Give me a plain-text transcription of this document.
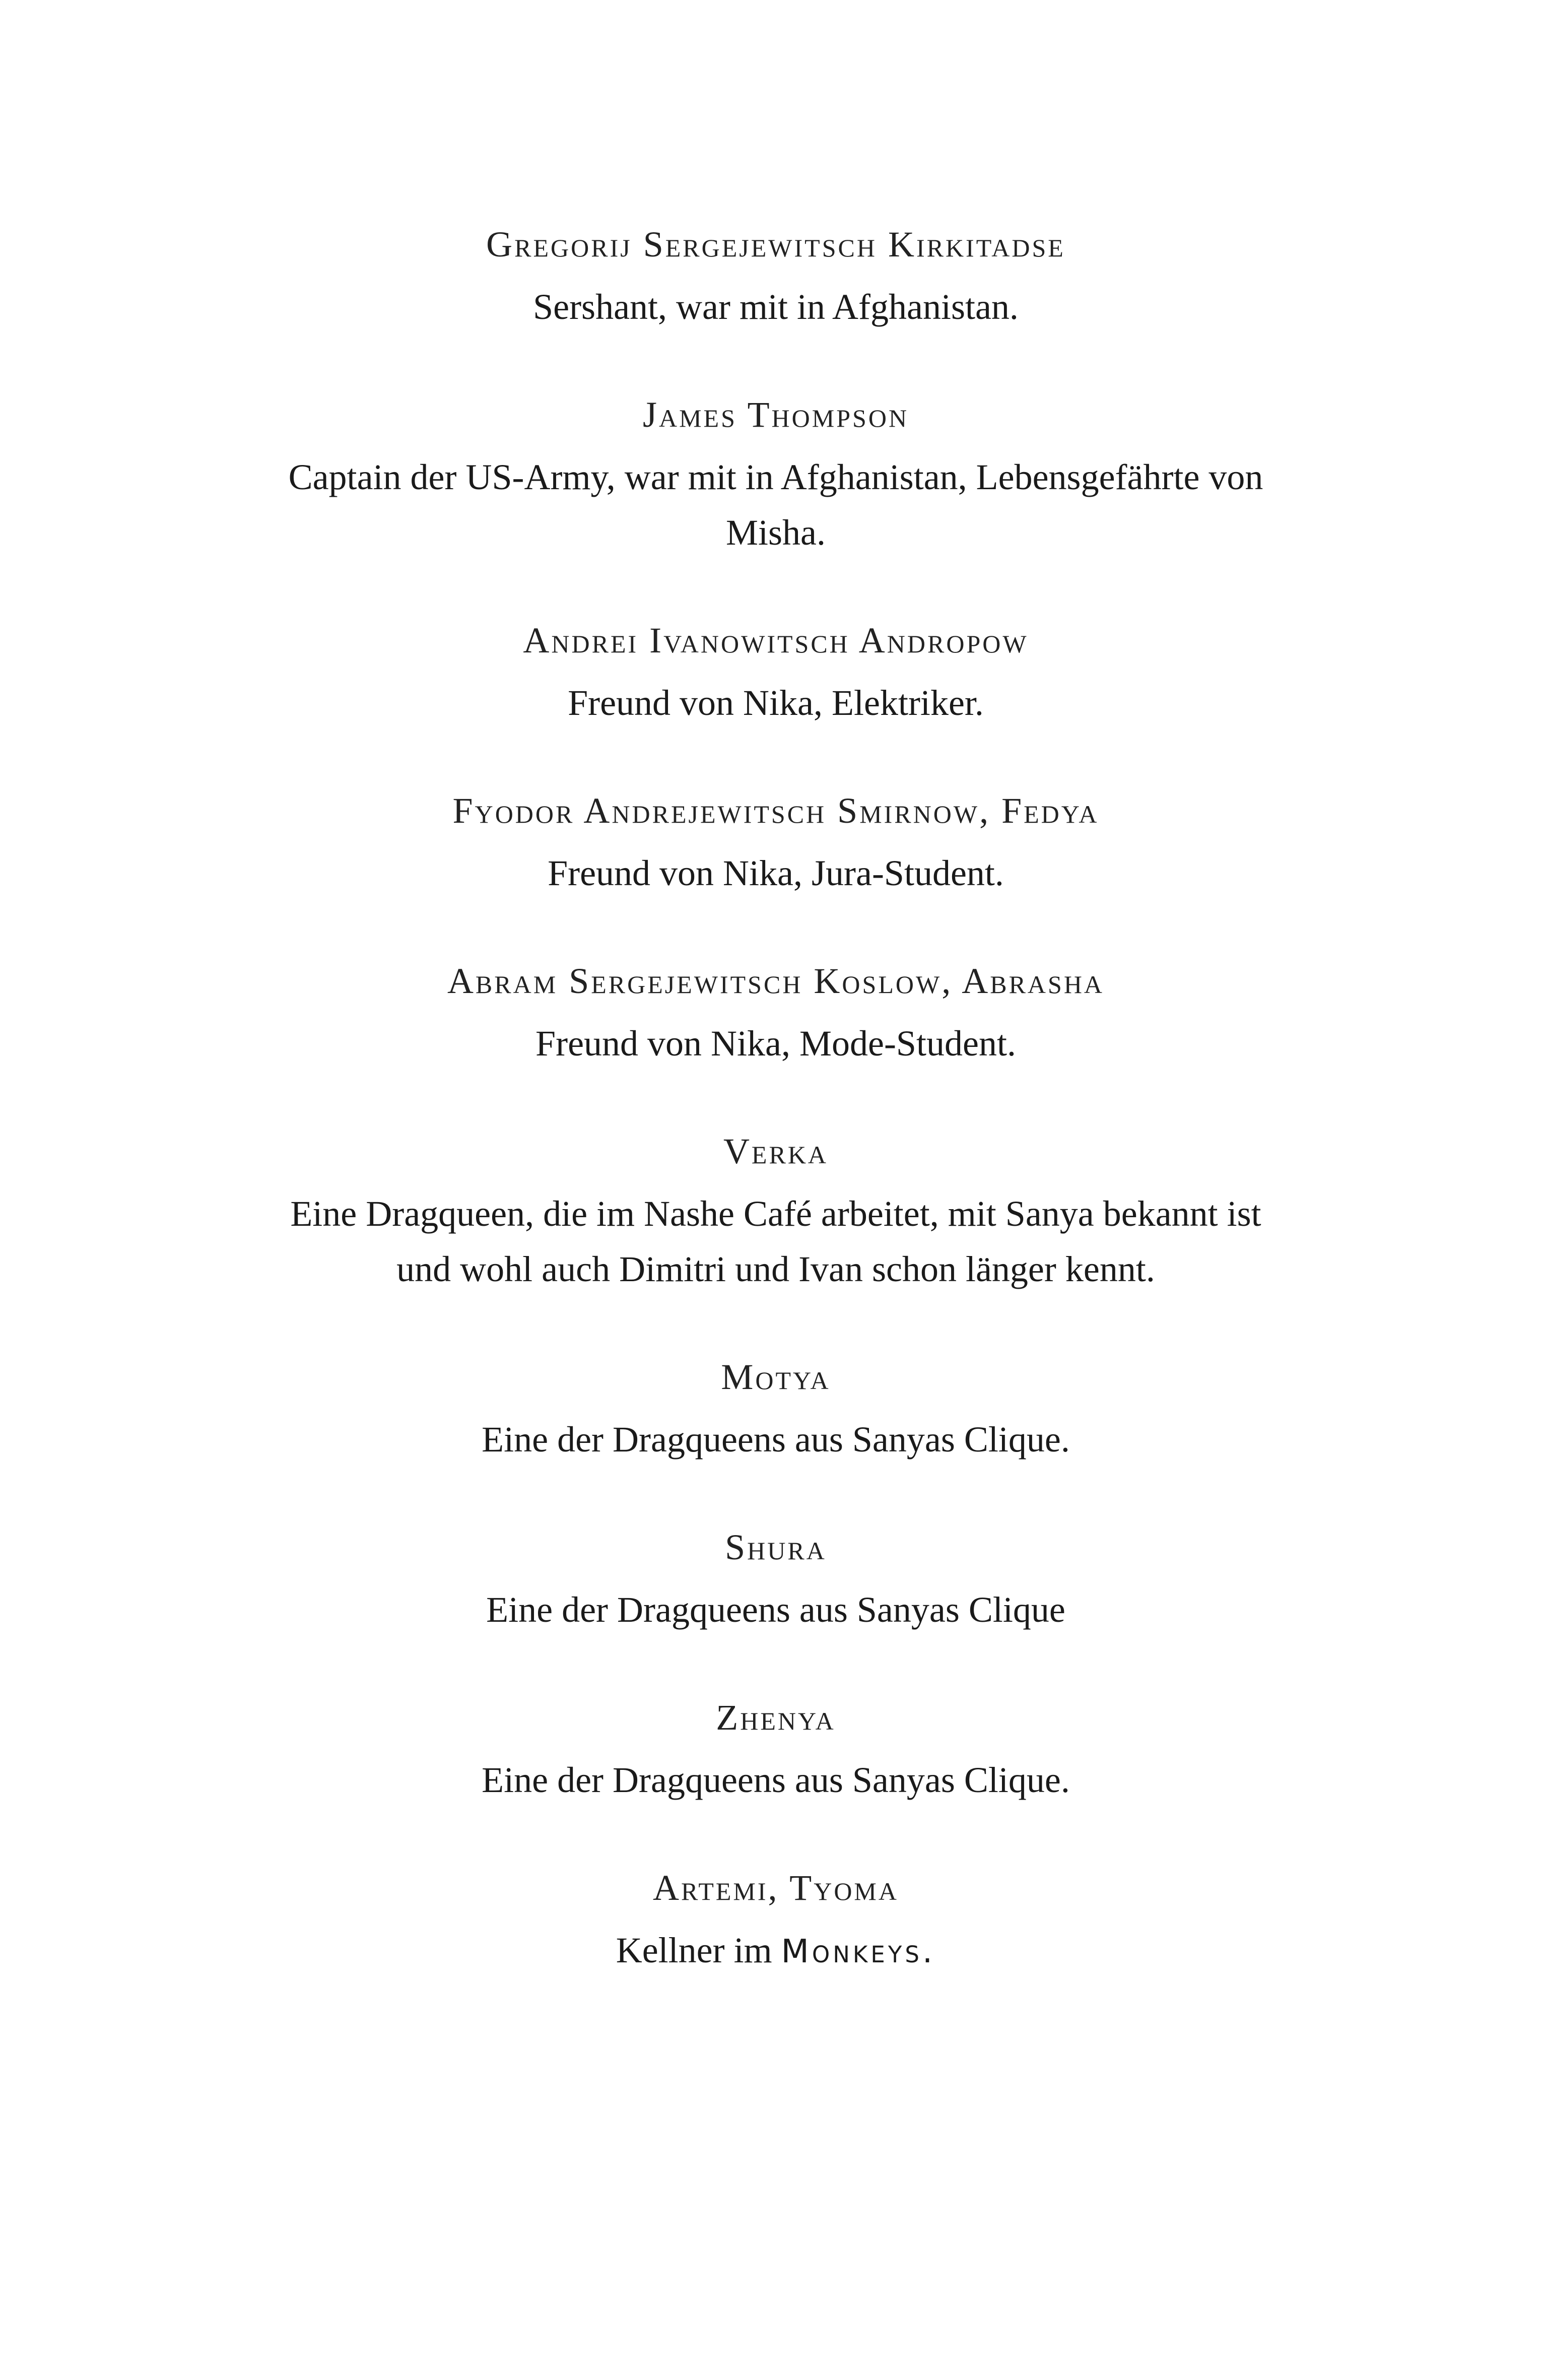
Gregorij Sergejewitsch Kirkitadse
Sershant, war mit in Afghanistan.
James Thompson
Captain der US-Army, war mit in Afghanistan, Lebensgefährte von Misha.
Andrei Ivanowitsch Andropow
Freund von Nika, Elektriker.
Fyodor Andrejewitsch Smirnow, Fedya
Freund von Nika, Jura-Student.
Abram Sergejewitsch Koslow, Abrasha
Freund von Nika, Mode-Student.
Verka
Eine Dragqueen, die im Nashe Café arbeitet, mit Sanya bekannt ist und wohl auch Dimitri und Ivan schon länger kennt.
Motya
Eine der Dragqueens aus Sanyas Clique.
Shura
Eine der Dragqueens aus Sanyas Clique
Zhenya
Eine der Dragqueens aus Sanyas Clique.
Artemi, Tyoma
Kellner im Monkeys.
